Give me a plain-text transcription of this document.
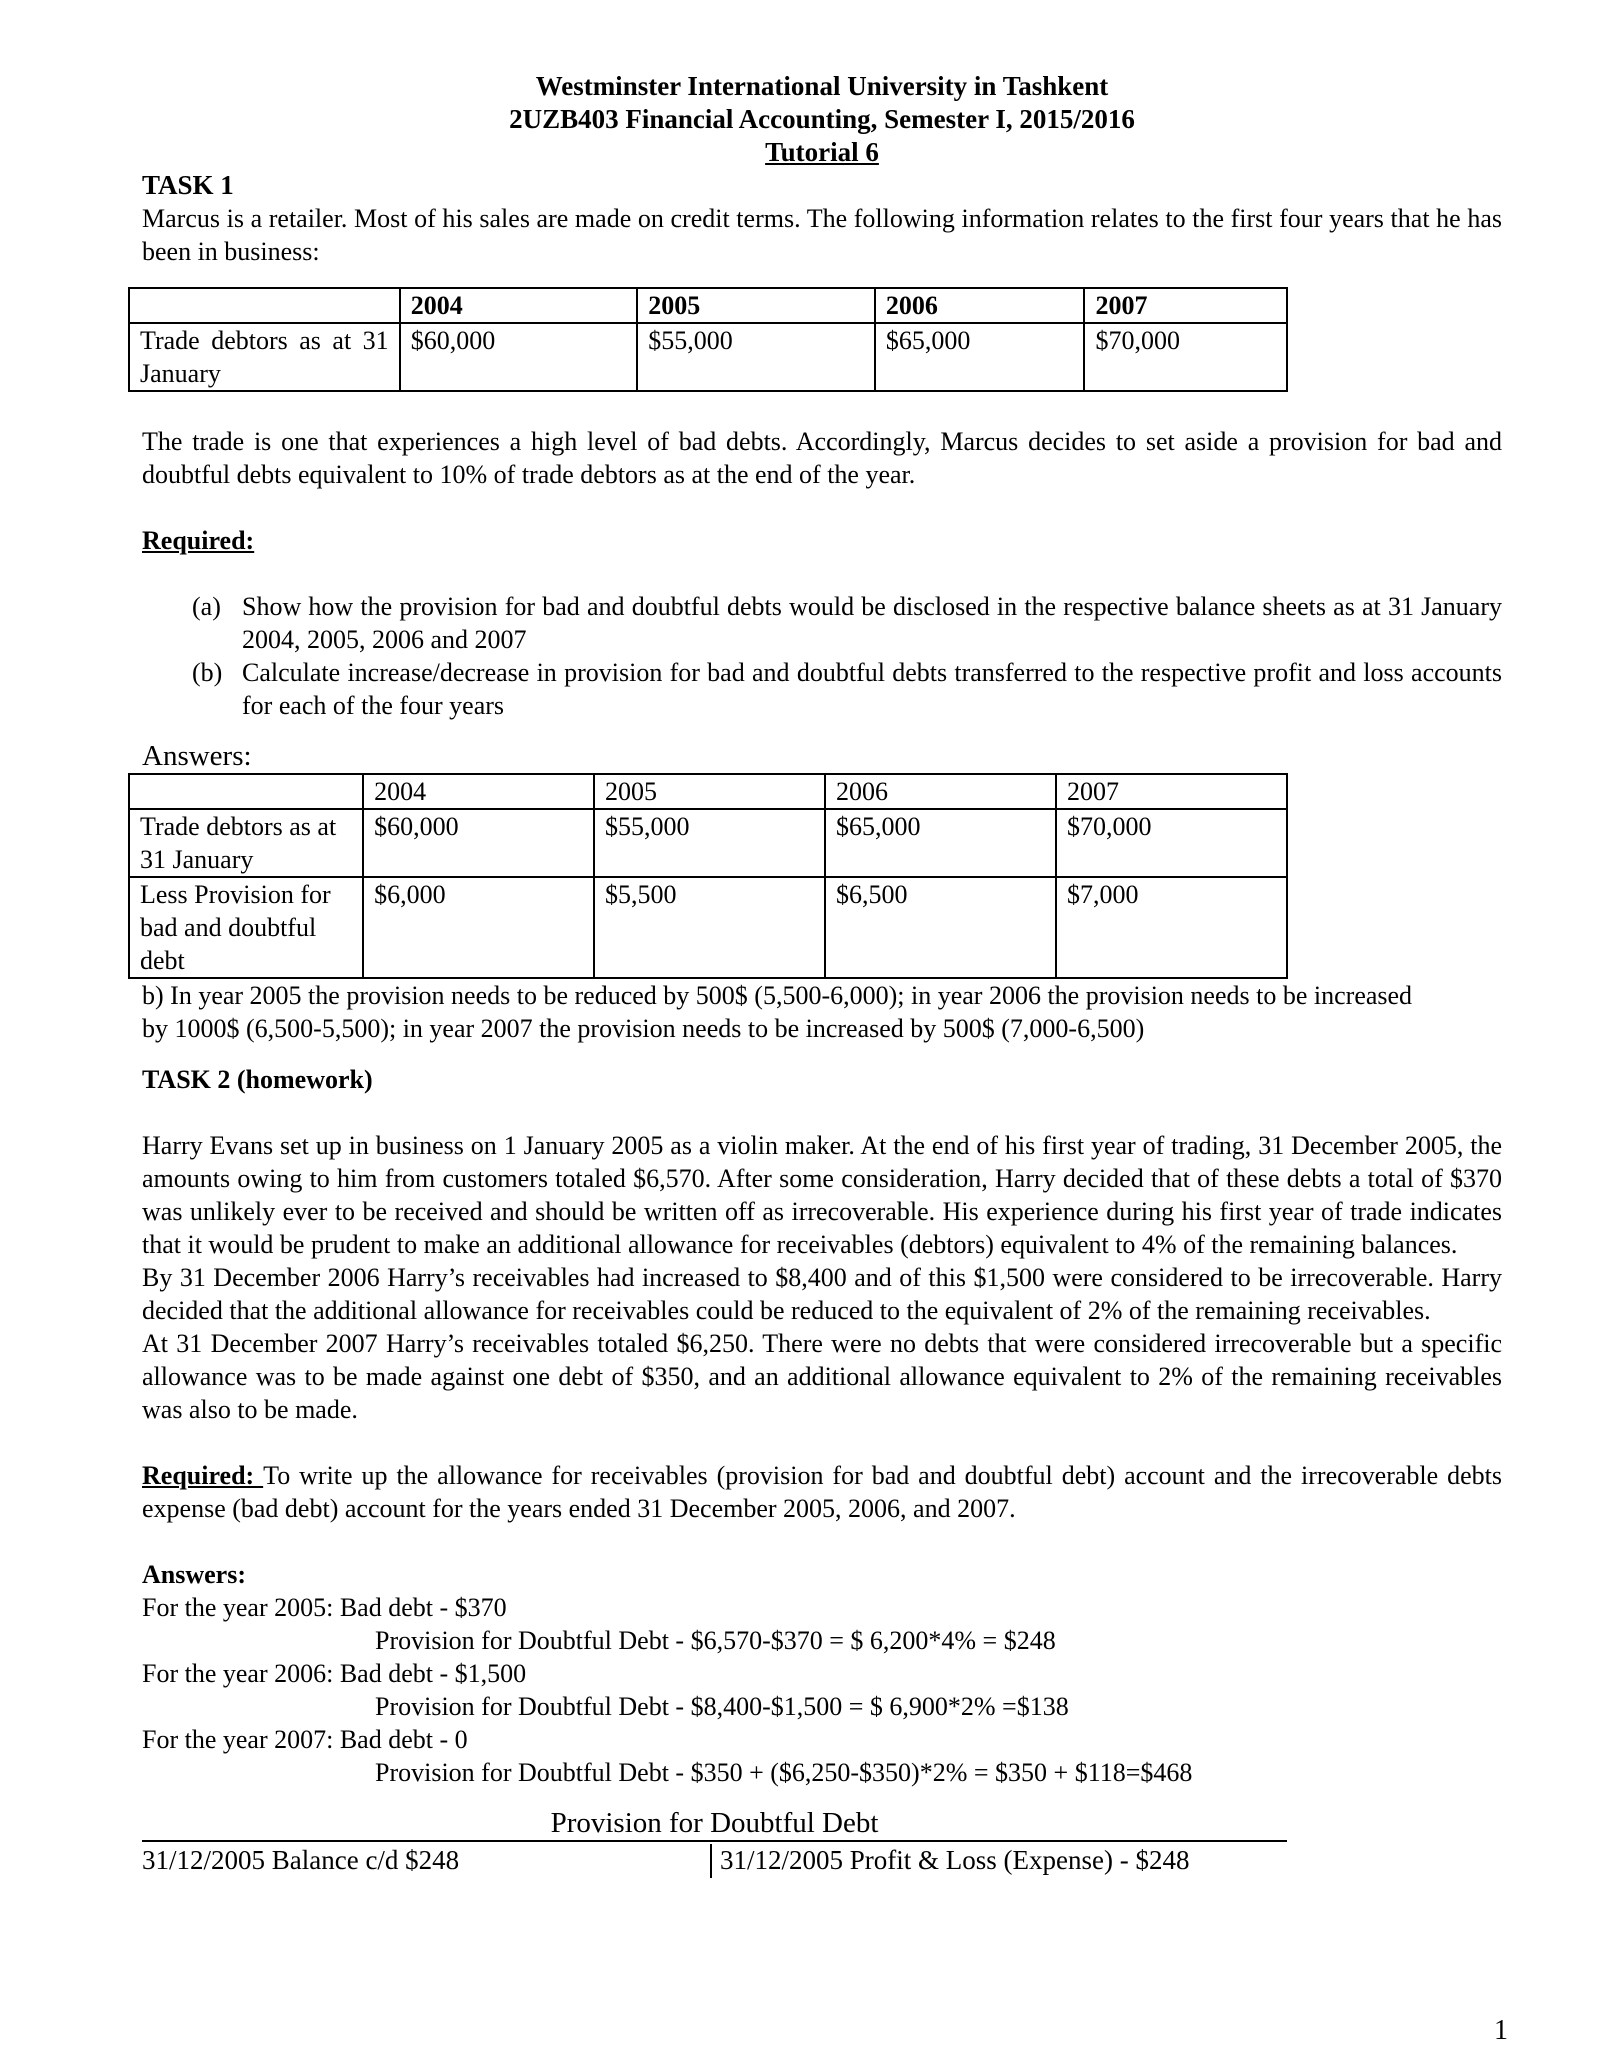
Westminster International University in Tashkent
2UZB403 Financial Accounting, Semester I, 2015/2016
Tutorial 6
TASK 1

Marcus is a retailer. Most of his sales are made on credit terms. The following information relates to the first four years that he has been in business:

	2004	2005	2006	2007
Trade debtors as at 31 January	$60,000	$55,000	$65,000	$70,000

The trade is one that experiences a high level of bad debts. Accordingly, Marcus decides to set aside a provision for bad and doubtful debts equivalent to 10% of trade debtors as at the end of the year.

Required:
(a) Show how the provision for bad and doubtful debts would be disclosed in the respective balance sheets as at 31 January 2004, 2005, 2006 and 2007
(b) Calculate increase/decrease in provision for bad and doubtful debts transferred to the respective profit and loss accounts for each of the four years
Answers:
	2004	2005	2006	2007
Trade debtors as at 31 January	$60,000	$55,000	$65,000	$70,000
Less Provision for bad and doubtful debt	$6,000	$5,500	$6,500	$7,000

b) In year 2005 the provision needs to be reduced by 500$ (5,500-6,000); in year 2006 the provision needs to be increased by 1000$ (6,500-5,500); in year 2007 the provision needs to be increased by 500$ (7,000-6,500)

TASK 2 (homework)

Harry Evans set up in business on 1 January 2005 as a violin maker. At the end of his first year of trading, 31 December 2005, the amounts owing to him from customers totaled $6,570. After some consideration, Harry decided that of these debts a total of $370 was unlikely ever to be received and should be written off as irrecoverable. His experience during his first year of trade indicates that it would be prudent to make an additional allowance for receivables (debtors) equivalent to 4% of the remaining balances.

By 31 December 2006 Harry’s receivables had increased to $8,400 and of this $1,500 were considered to be irrecoverable. Harry decided that the additional allowance for receivables could be reduced to the equivalent of 2% of the remaining receivables.

At 31 December 2007 Harry’s receivables totaled $6,250. There were no debts that were considered irrecoverable but a specific allowance was to be made against one debt of $350, and an additional allowance equivalent to 2% of the remaining receivables was also to be made.

Required: To write up the allowance for receivables (provision for bad and doubtful debt) account and the irrecoverable debts expense (bad debt) account for the years ended 31 December 2005, 2006, and 2007.

Answers:
For the year 2005: Bad debt - $370
Provision for Doubtful Debt - $6,570-$370 = $ 6,200*4% = $248
For the year 2006: Bad debt - $1,500
Provision for Doubtful Debt - $8,400-$1,500 = $ 6,900*2% =$138
For the year 2007: Bad debt - 0
Provision for Doubtful Debt - $350 + ($6,250-$350)*2% = $350 + $118=$468
Provision for Doubtful Debt
31/12/2005 Balance c/d $248	31/12/2005 Profit & Loss (Expense) - $248
1
